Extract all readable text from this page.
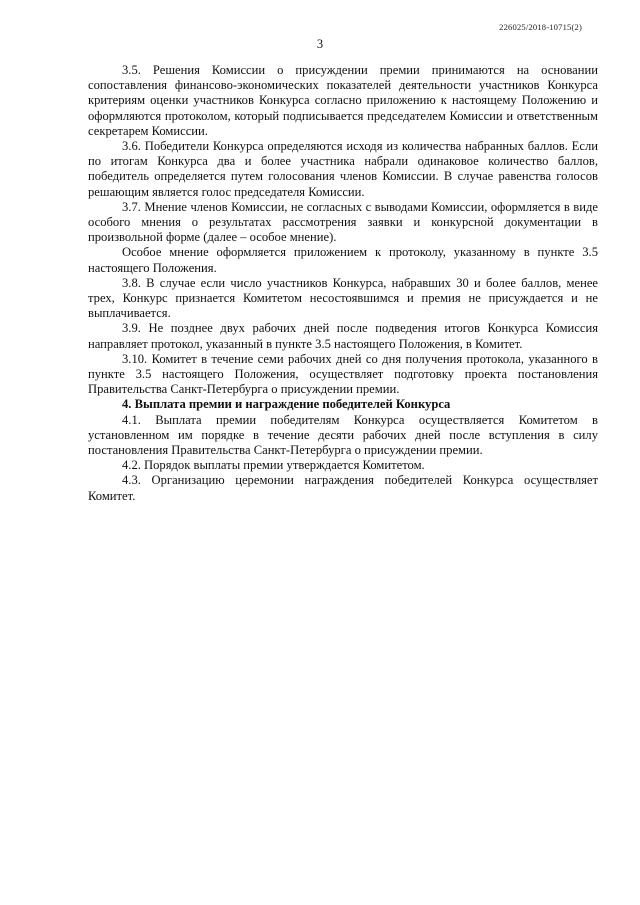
226025/2018-10715(2)
3

3.5. Решения Комиссии о присуждении премии принимаются на основании сопоставления финансово-экономических показателей деятельности участников Конкурса критериям оценки участников Конкурса согласно приложению к настоящему Положению и оформляются протоколом, который подписывается председателем Комиссии и ответственным секретарем Комиссии.

3.6. Победители Конкурса определяются исходя из количества набранных баллов. Если по итогам Конкурса два и более участника набрали одинаковое количество баллов, победитель определяется путем голосования членов Комиссии. В случае равенства голосов решающим является голос председателя Комиссии.

3.7. Мнение членов Комиссии, не согласных с выводами Комиссии, оформляется в виде особого мнения о результатах рассмотрения заявки и конкурсной документации в произвольной форме (далее – особое мнение).

Особое мнение оформляется приложением к протоколу, указанному в пункте 3.5 настоящего Положения.

3.8. В случае если число участников Конкурса, набравших 30 и более баллов, менее трех, Конкурс признается Комитетом несостоявшимся и премия не присуждается и не выплачивается.

3.9. Не позднее двух рабочих дней после подведения итогов Конкурса Комиссия направляет протокол, указанный в пункте 3.5 настоящего Положения, в Комитет.

3.10. Комитет в течение семи рабочих дней со дня получения протокола, указанного в пункте 3.5 настоящего Положения, осуществляет подготовку проекта постановления Правительства Санкт-Петербурга о присуждении премии.

4. Выплата премии и награждение победителей Конкурса

4.1. Выплата премии победителям Конкурса осуществляется Комитетом в установленном им порядке в течение десяти рабочих дней после вступления в силу постановления Правительства Санкт-Петербурга о присуждении премии.

4.2. Порядок выплаты премии утверждается Комитетом.

4.3. Организацию церемонии награждения победителей Конкурса осуществляет Комитет.
